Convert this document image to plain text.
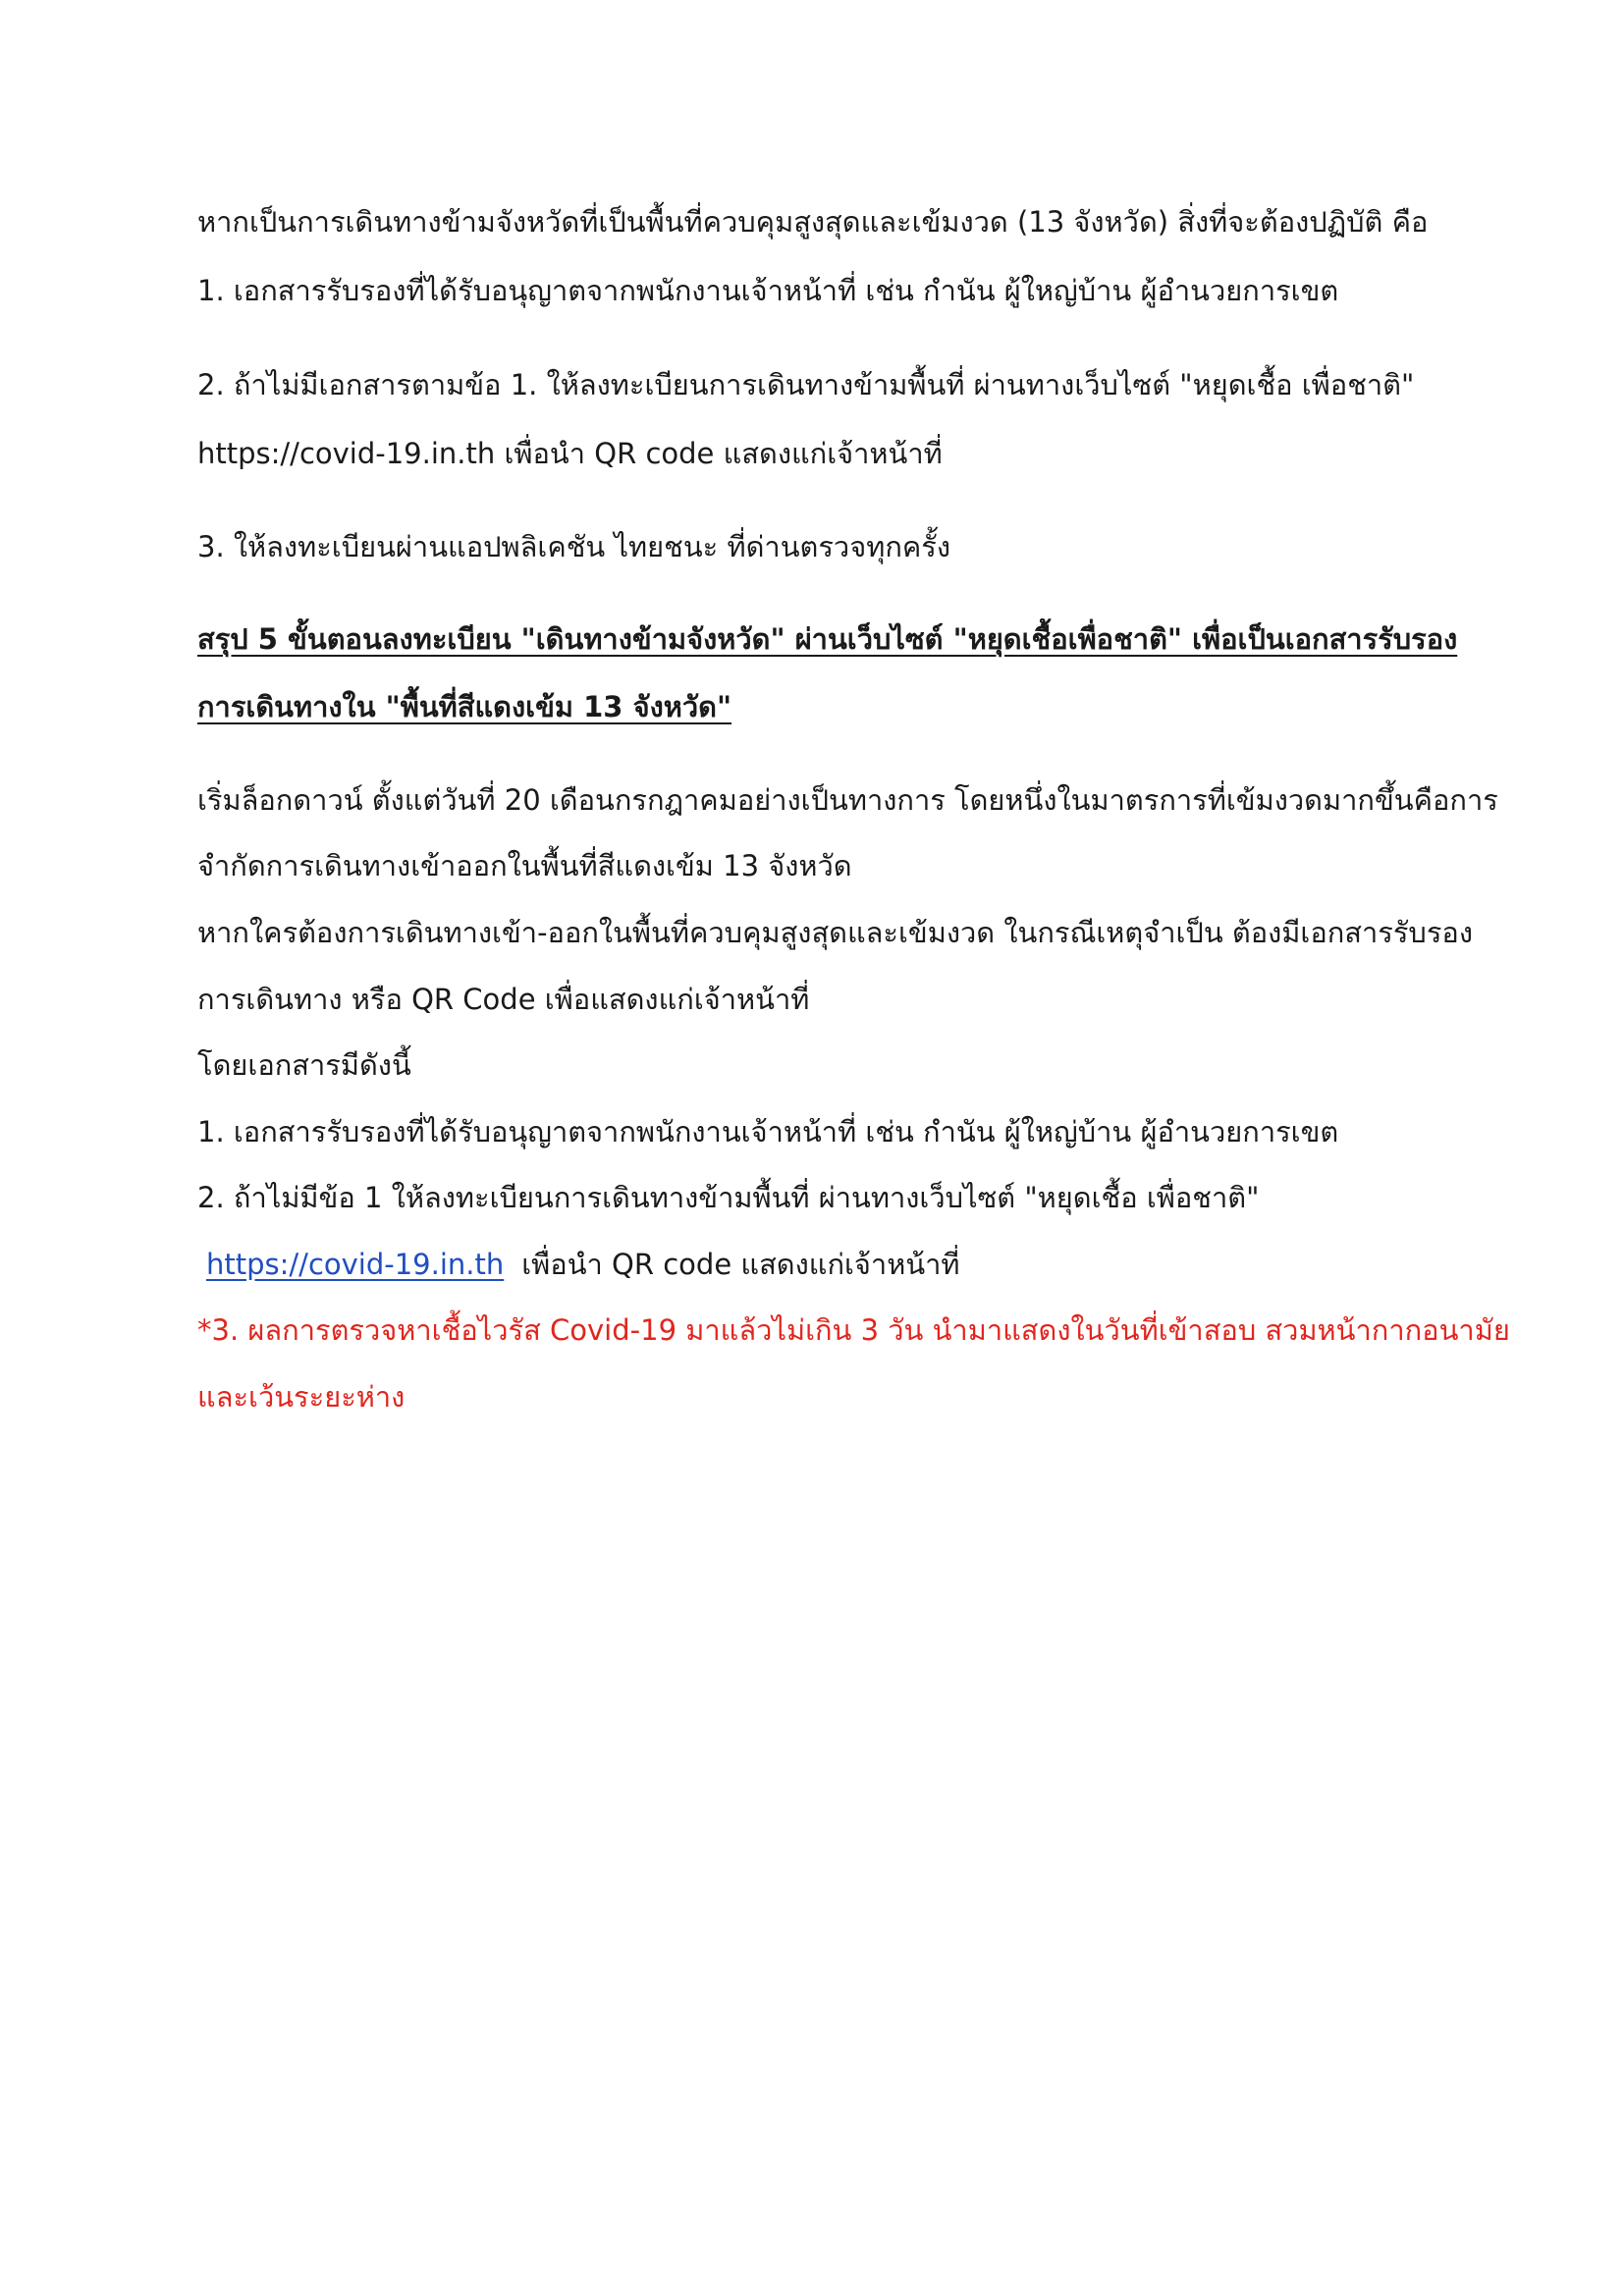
หากเป็นการเดินทางข้ามจังหวัดที่เป็นพื้นที่ควบคุมสูงสุดและเข้มงวด (13 จังหวัด) สิ่งที่จะต้องปฏิบัติ คือ
1. เอกสารรับรองที่ได้รับอนุญาตจากพนักงานเจ้าหน้าที่ เช่น กำนัน ผู้ใหญ่บ้าน ผู้อำนวยการเขต
2. ถ้าไม่มีเอกสารตามข้อ 1. ให้ลงทะเบียนการเดินทางข้ามพื้นที่ ผ่านทางเว็บไซต์ "หยุดเชื้อ เพื่อชาติ"
https://covid-19.in.th เพื่อนำ QR code แสดงแก่เจ้าหน้าที่
3. ให้ลงทะเบียนผ่านแอปพลิเคชัน ไทยชนะ ที่ด่านตรวจทุกครั้ง
สรุป 5 ขั้นตอนลงทะเบียน "เดินทางข้ามจังหวัด" ผ่านเว็บไซต์ "หยุดเชื้อเพื่อชาติ" เพื่อเป็นเอกสารรับรอง
การเดินทางใน "พื้นที่สีแดงเข้ม 13 จังหวัด"
เริ่มล็อกดาวน์ ตั้งแต่วันที่ 20 เดือนกรกฎาคมอย่างเป็นทางการ โดยหนึ่งในมาตรการที่เข้มงวดมากขึ้นคือการ
จำกัดการเดินทางเข้าออกในพื้นที่สีแดงเข้ม 13 จังหวัด
หากใครต้องการเดินทางเข้า-ออกในพื้นที่ควบคุมสูงสุดและเข้มงวด ในกรณีเหตุจำเป็น ต้องมีเอกสารรับรอง
การเดินทาง หรือ QR Code เพื่อแสดงแก่เจ้าหน้าที่
โดยเอกสารมีดังนี้
1. เอกสารรับรองที่ได้รับอนุญาตจากพนักงานเจ้าหน้าที่ เช่น กำนัน ผู้ใหญ่บ้าน ผู้อำนวยการเขต
2. ถ้าไม่มีข้อ 1 ให้ลงทะเบียนการเดินทางข้ามพื้นที่ ผ่านทางเว็บไซต์ "หยุดเชื้อ เพื่อชาติ"
https://covid-19.in.th เพื่อนำ QR code แสดงแก่เจ้าหน้าที่
*3. ผลการตรวจหาเชื้อไวรัส Covid-19 มาแล้วไม่เกิน 3 วัน นำมาแสดงในวันที่เข้าสอบ สวมหน้ากากอนามัย
และเว้นระยะห่าง
